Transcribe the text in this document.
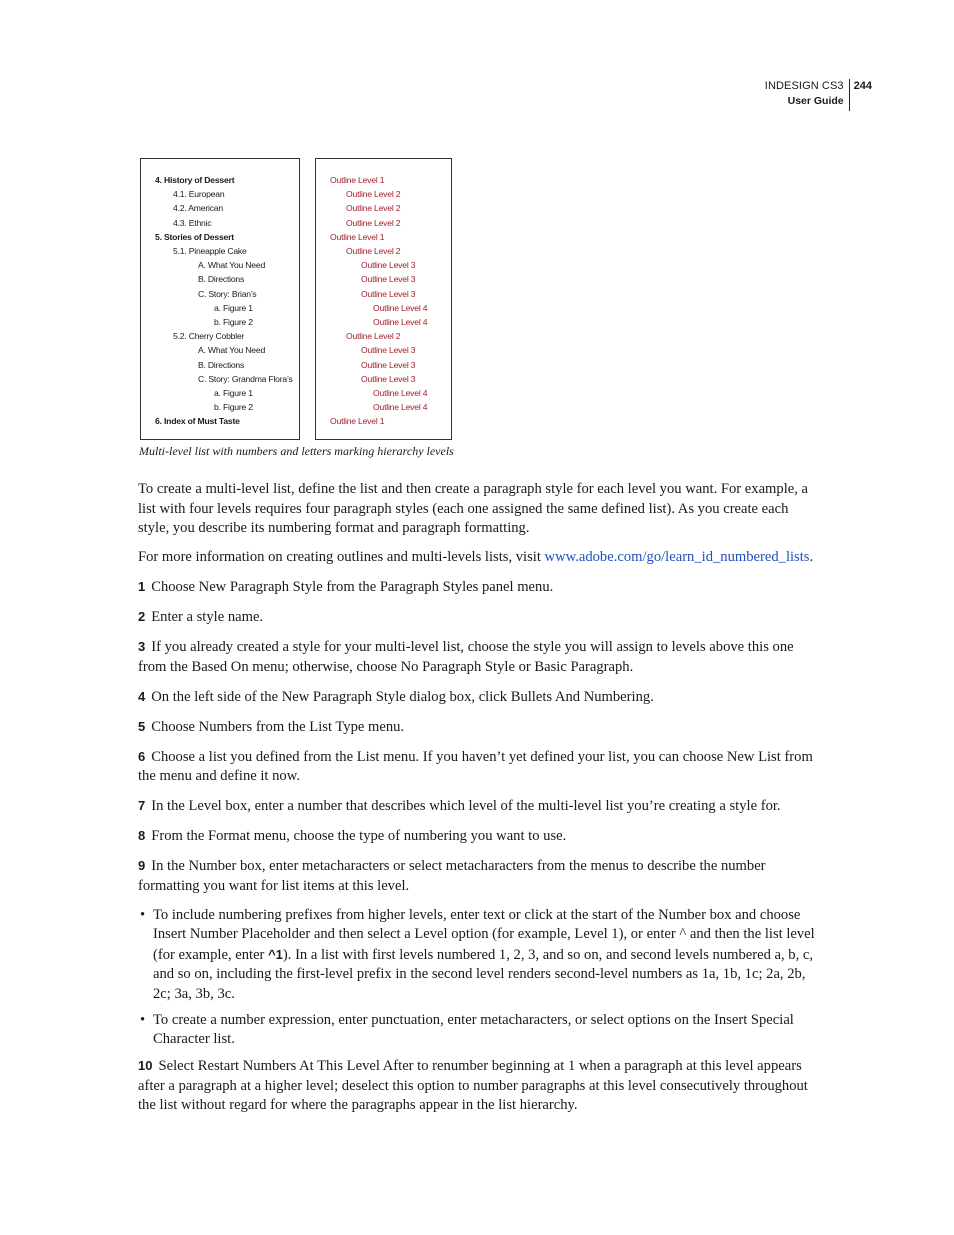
INDESIGN CS3
User Guide
244
4. History of Dessert
4.1. European
4.2. American
4.3. Ethnic
5. Stories of Dessert
5.1. Pineapple Cake
A. What You Need
B. Directions
C. Story: Brian’s
a. Figure 1
b. Figure 2
5.2. Cherry Cobbler
A. What You Need
B. Directions
C. Story: Grandma Flora’s
a. Figure 1
b. Figure 2
6. Index of Must Taste
Outline Level 1
Outline Level 2
Outline Level 2
Outline Level 2
Outline Level 1
Outline Level 2
Outline Level 3
Outline Level 3
Outline Level 3
Outline Level 4
Outline Level 4
Outline Level 2
Outline Level 3
Outline Level 3
Outline Level 3
Outline Level 4
Outline Level 4
Outline Level 1
Multi-level list with numbers and letters marking hierarchy levels

To create a multi-level list, define the list and then create a paragraph style for each level you want. For example, a list with four levels requires four paragraph styles (each one assigned the same defined list). As you create each style, you describe its numbering format and paragraph formatting.

For more information on creating outlines and multi-levels lists, visit www.adobe.com/go/learn_id_numbered_lists.

1 Choose New Paragraph Style from the Paragraph Styles panel menu.

2 Enter a style name.

3 If you already created a style for your multi-level list, choose the style you will assign to levels above this one from the Based On menu; otherwise, choose No Paragraph Style or Basic Paragraph.

4 On the left side of the New Paragraph Style dialog box, click Bullets And Numbering.

5 Choose Numbers from the List Type menu.

6 Choose a list you defined from the List menu. If you haven’t yet defined your list, you can choose New List from the menu and define it now.

7 In the Level box, enter a number that describes which level of the multi-level list you’re creating a style for.

8 From the Format menu, choose the type of numbering you want to use.

9 In the Number box, enter metacharacters or select metacharacters from the menus to describe the number formatting you want for list items at this level.

• To include numbering prefixes from higher levels, enter text or click at the start of the Number box and choose Insert Number Placeholder and then select a Level option (for example, Level 1), or enter ^ and then the list level (for example, enter ^1). In a list with first levels numbered 1, 2, 3, and so on, and second levels numbered a, b, c, and so on, including the first-level prefix in the second level renders second-level numbers as 1a, 1b, 1c; 2a, 2b, 2c; 3a, 3b, 3c.
• To create a number expression, enter punctuation, enter metacharacters, or select options on the Insert Special Character list.

10 Select Restart Numbers At This Level After to renumber beginning at 1 when a paragraph at this level appears after a paragraph at a higher level; deselect this option to number paragraphs at this level consecutively throughout the list without regard for where the paragraphs appear in the list hierarchy.
